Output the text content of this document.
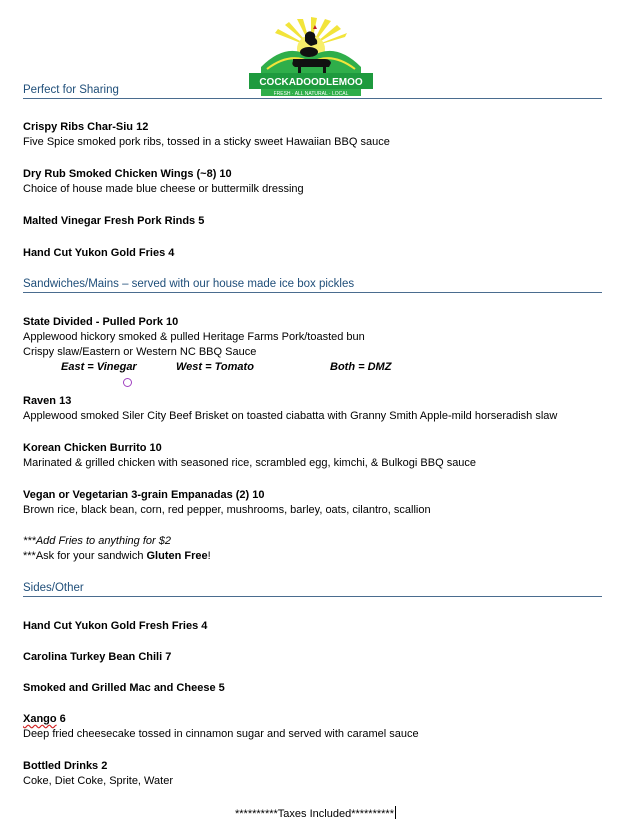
COCKADOODLEMOO
FRESH · ALL NATURAL · LOCAL
Perfect for Sharing
Crispy Ribs Char-Siu 12
Five Spice smoked pork ribs, tossed in a sticky sweet Hawaiian BBQ sauce
Dry Rub Smoked Chicken Wings (~8) 10
Choice of house made blue cheese or buttermilk dressing
Malted Vinegar Fresh Pork Rinds 5
Hand Cut Yukon Gold Fries 4
Sandwiches/Mains – served with our house made ice box pickles
State Divided - Pulled Pork 10
Applewood hickory smoked & pulled Heritage Farms Pork/toasted bun
Crispy slaw/Eastern or Western NC BBQ Sauce
East = Vinegar	West = Tomato	Both = DMZ
Raven 13
Applewood smoked Siler City Beef Brisket on toasted ciabatta with Granny Smith Apple-mild horseradish slaw
Korean Chicken Burrito 10
Marinated & grilled chicken with seasoned rice, scrambled egg, kimchi, & Bulkogi BBQ sauce
Vegan or Vegetarian 3-grain Empanadas (2) 10
Brown rice, black bean, corn, red pepper, mushrooms, barley, oats, cilantro, scallion
***Add Fries to anything for $2
***Ask for your sandwich Gluten Free!
Sides/Other
Hand Cut Yukon Gold Fresh Fries 4
Carolina Turkey Bean Chili 7
Smoked and Grilled Mac and Cheese 5
Xango 6
Deep fried cheesecake tossed in cinnamon sugar and served with caramel sauce
Bottled Drinks 2
Coke, Diet Coke, Sprite, Water
**********Taxes Included**********
